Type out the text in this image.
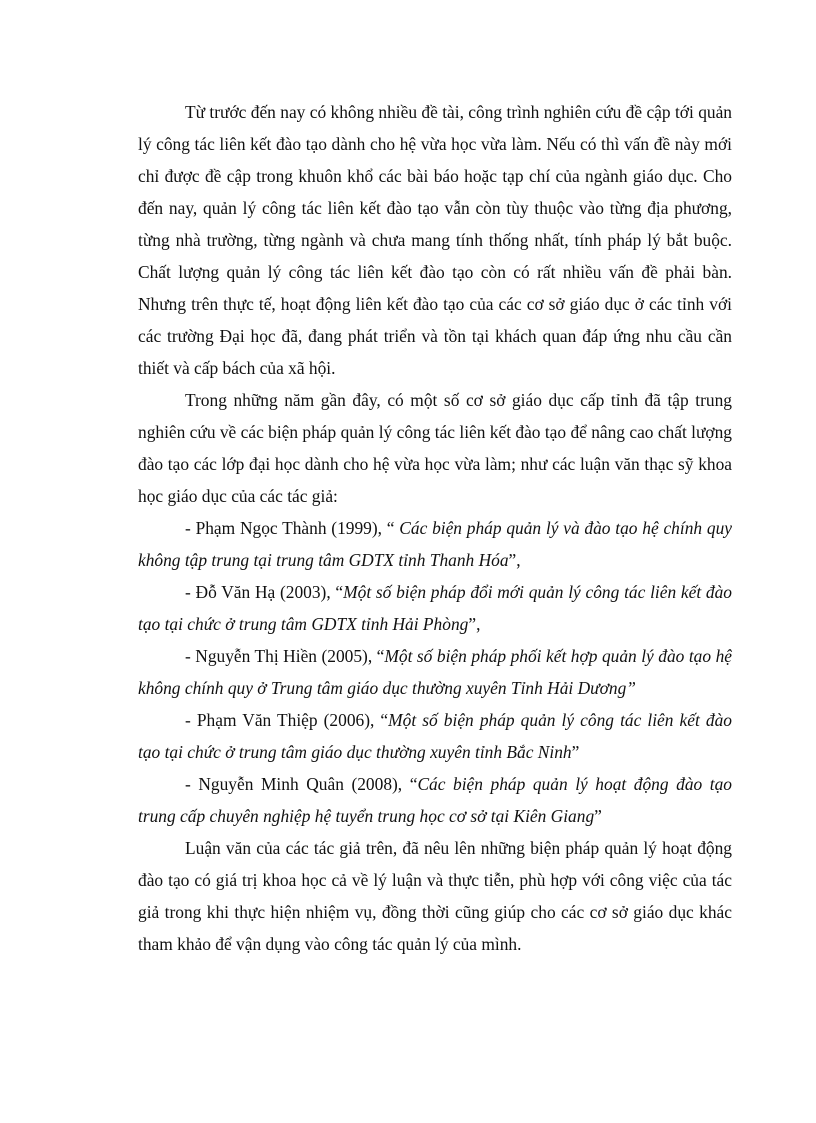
Từ trước đến nay có không nhiều đề tài, công trình nghiên cứu đề cập tới quản lý công tác liên kết đào tạo dành cho hệ vừa học vừa làm. Nếu có thì vấn đề này mới chỉ được đề cập trong khuôn khổ các bài báo hoặc tạp chí của ngành giáo dục. Cho đến nay, quản lý công tác liên kết đào tạo vẫn còn tùy thuộc vào từng địa phương, từng nhà trường, từng ngành và chưa mang tính thống nhất, tính pháp lý bắt buộc. Chất lượng quản lý công tác liên kết đào tạo còn có rất nhiều vấn đề phải bàn. Nhưng trên thực tế, hoạt động liên kết đào tạo của các cơ sở giáo dục ở các tỉnh với các trường Đại học đã, đang phát triển và tồn tại khách quan đáp ứng nhu cầu cần thiết và cấp bách của xã hội.

Trong những năm gần đây, có một số cơ sở giáo dục cấp tỉnh đã tập trung nghiên cứu về các biện pháp quản lý công tác liên kết đào tạo để nâng cao chất lượng đào tạo các lớp đại học dành cho hệ vừa học vừa làm; như các luận văn thạc sỹ khoa học giáo dục của các tác giả:

- Phạm Ngọc Thành (1999), “ Các biện pháp quản lý và đào tạo hệ chính quy không tập trung tại trung tâm GDTX tỉnh Thanh Hóa”,

- Đỗ Văn Hạ (2003), “Một số biện pháp đổi mới quản lý công tác liên kết đào tạo tại chức ở trung tâm GDTX tỉnh Hải Phòng”,

- Nguyễn Thị Hiền (2005), “Một số biện pháp phối kết hợp quản lý đào tạo hệ không chính quy ở Trung tâm giáo dục thường xuyên Tỉnh Hải Dương”

- Phạm Văn Thiệp (2006), “Một số biện pháp quản lý công tác liên kết đào tạo tại chức ở trung tâm giáo dục thường xuyên tỉnh Bắc Ninh”

- Nguyễn Minh Quân (2008), “Các biện pháp quản lý hoạt động đào tạo trung cấp chuyên nghiệp hệ tuyển trung học cơ sở tại Kiên Giang”

Luận văn của các tác giả trên, đã nêu lên những biện pháp quản lý hoạt động đào tạo có giá trị khoa học cả về lý luận và thực tiễn, phù hợp với công việc của tác giả trong khi thực hiện nhiệm vụ, đồng thời cũng giúp cho các cơ sở giáo dục khác tham khảo để vận dụng vào công tác quản lý của mình.
